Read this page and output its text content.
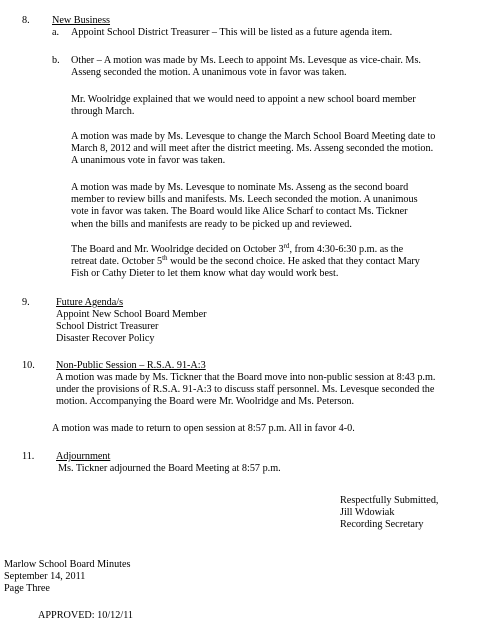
8. New Business
a. Appoint School District Treasurer – This will be listed as a future agenda item.
b. Other – A motion was made by Ms. Leech to appoint Ms. Levesque as vice-chair. Ms.
Asseng seconded the motion. A unanimous vote in favor was taken.
Mr. Woolridge explained that we would need to appoint a new school board member
through March.
A motion was made by Ms. Levesque to change the March School Board Meeting date to
March 8, 2012 and will meet after the district meeting. Ms. Asseng seconded the motion.
A unanimous vote in favor was taken.
A motion was made by Ms. Levesque to nominate Ms. Asseng as the second board
member to review bills and manifests. Ms. Leech seconded the motion. A unanimous
vote in favor was taken. The Board would like Alice Scharf to contact Ms. Tickner
when the bills and manifests are ready to be picked up and reviewed.
The Board and Mr. Woolridge decided on October 3rd, from 4:30-6:30 p.m. as the
retreat date. October 5th would be the second choice. He asked that they contact Mary
Fish or Cathy Dieter to let them know what day would work best.
9.	Future Agenda/s
Appoint New School Board Member
School District Treasurer
Disaster Recover Policy
10. Non-Public Session – R.S.A. 91-A:3
A motion was made by Ms. Tickner that the Board move into non-public session at 8:43 p.m.
under the provisions of R.S.A. 91-A:3 to discuss staff personnel. Ms. Levesque seconded the
motion. Accompanying the Board were Mr. Woolridge and Ms. Peterson.
A motion was made to return to open session at 8:57 p.m. All in favor 4-0.
11. Adjournment
Ms. Tickner adjourned the Board Meeting at 8:57 p.m.
Respectfully Submitted,
Jill Wdowiak
Recording Secretary
Marlow School Board Minutes
September 14, 2011
Page Three
APPROVED: 10/12/11
